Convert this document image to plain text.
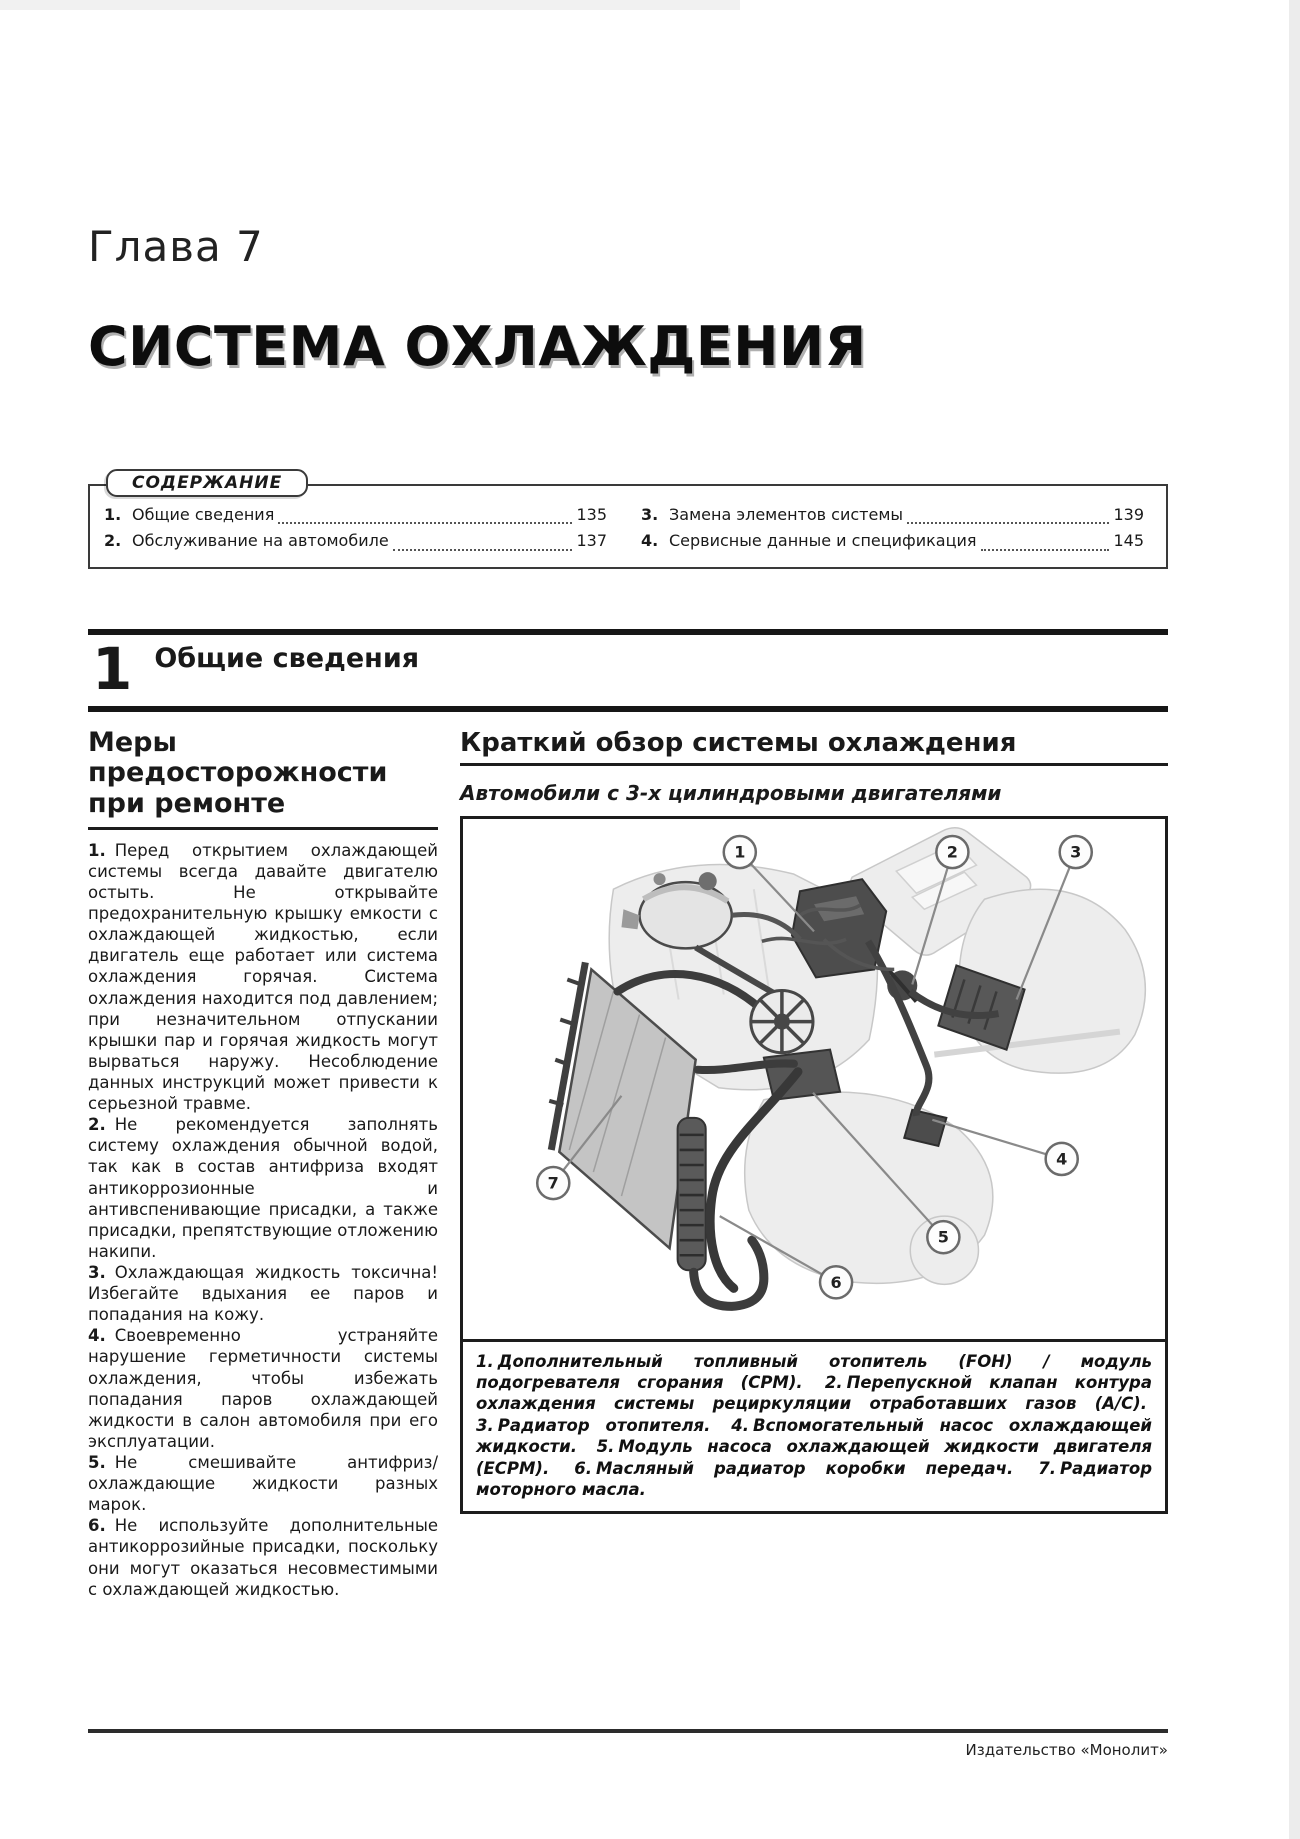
Глава 7
СИСТЕМА ОХЛАЖДЕНИЯ
СОДЕРЖАНИЕ
1. Общие сведения	135
2. Обслуживание на автомобиле	137
3. Замена элементов системы	139
4. Сервисные данные и спецификация	145
1 Общие сведения
Меры предосторожности при ремонте

1. Перед открытием охлаждающей системы всегда давайте двигателю остыть. Не открывайте предохранительную крышку емкости с охлаждающей жидкостью, если двигатель еще работает или система охлаждения горячая. Система охлаждения находится под давлением; при незначительном отпускании крышки пар и горячая жидкость могут вырваться наружу. Несоблюдение данных инструкций может привести к серьезной травме.

2. Не рекомендуется заполнять систему охлаждения обычной водой, так как в состав антифриза входят антикоррозионные и антивспенивающие присадки, а также присадки, препятствующие отложению накипи.

3. Охлаждающая жидкость токсична! Избегайте вдыхания ее паров и попадания на кожу.

4. Своевременно устраняйте нарушение герметичности системы охлаждения, чтобы избежать попадания паров охлаждающей жидкости в салон автомобиля при его эксплуатации.

5. Не смешивайте антифриз/охлаждающие жидкости разных марок.

6. Не используйте дополнительные антикоррозийные присадки, поскольку они могут оказаться несовместимыми с охлаждающей жидкостью.

Краткий обзор системы охлаждения
Автомобили с 3-х цилиндровыми двигателями
1	2	3
4
5
6
7
1. Дополнительный топливный отопитель (FOH) / модуль подогревателя сгорания (CPM). 2. Перепускной клапан контура охлаждения системы рециркуляции отработавших газов (A/C). 3. Радиатор отопителя. 4. Вспомогательный насос охлаждающей жидкости. 5. Модуль насоса охлаждающей жидкости двигателя (ECPM). 6. Масляный радиатор коробки передач. 7. Радиатор моторного масла.
Издательство «Монолит»
